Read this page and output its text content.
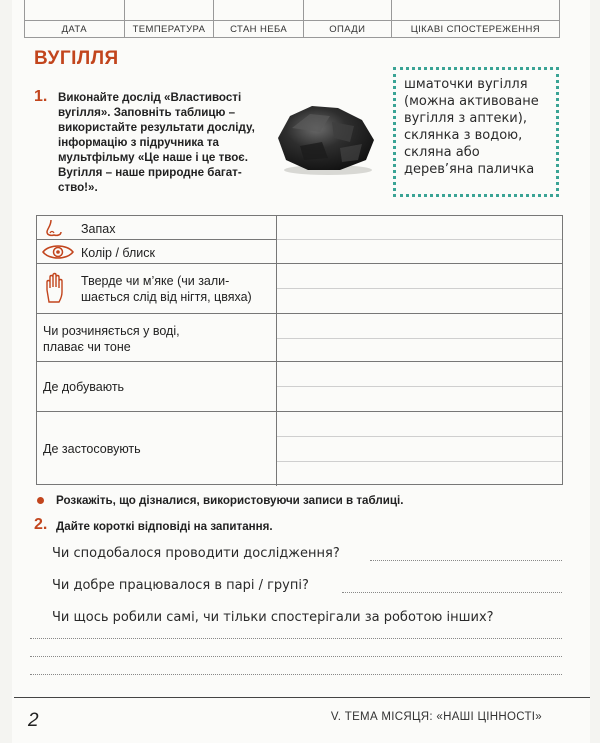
ДАТА	ТЕМПЕРАТУРА	СТАН НЕБА	ОПАДИ	ЦІКАВІ СПОСТЕРЕЖЕННЯ
ВУГІЛЛЯ
1. Виконайте дослід «Властивості
вугілля». Заповніть таблицю –
використайте результати досліду,
інформацію з підручника та
мультфільму «Це наше і це твоє.
Вугілля – наше природне багат-
ство!».
шматочки вугілля
(можна активоване
вугілля з аптеки),
склянка з водою,
скляна або
дерев’яна паличка
Запах
Колір / блиск
Тверде чи м’яке (чи зали-
шається слід від нігтя, цвяха)
Чи розчиняється у воді,
плаває чи тоне
Де добувають
Де застосовують
Розкажіть, що дізналися, використовуючи записи в таблиці.
2. Дайте короткі відповіді на запитання.
Чи сподобалося проводити дослідження?
Чи добре працювалося в парі / групі?
Чи щось робили самі, чи тільки спостерігали за роботою інших?
2	V. ТЕМА МІСЯЦЯ: «НАШІ ЦІННОСТІ»
